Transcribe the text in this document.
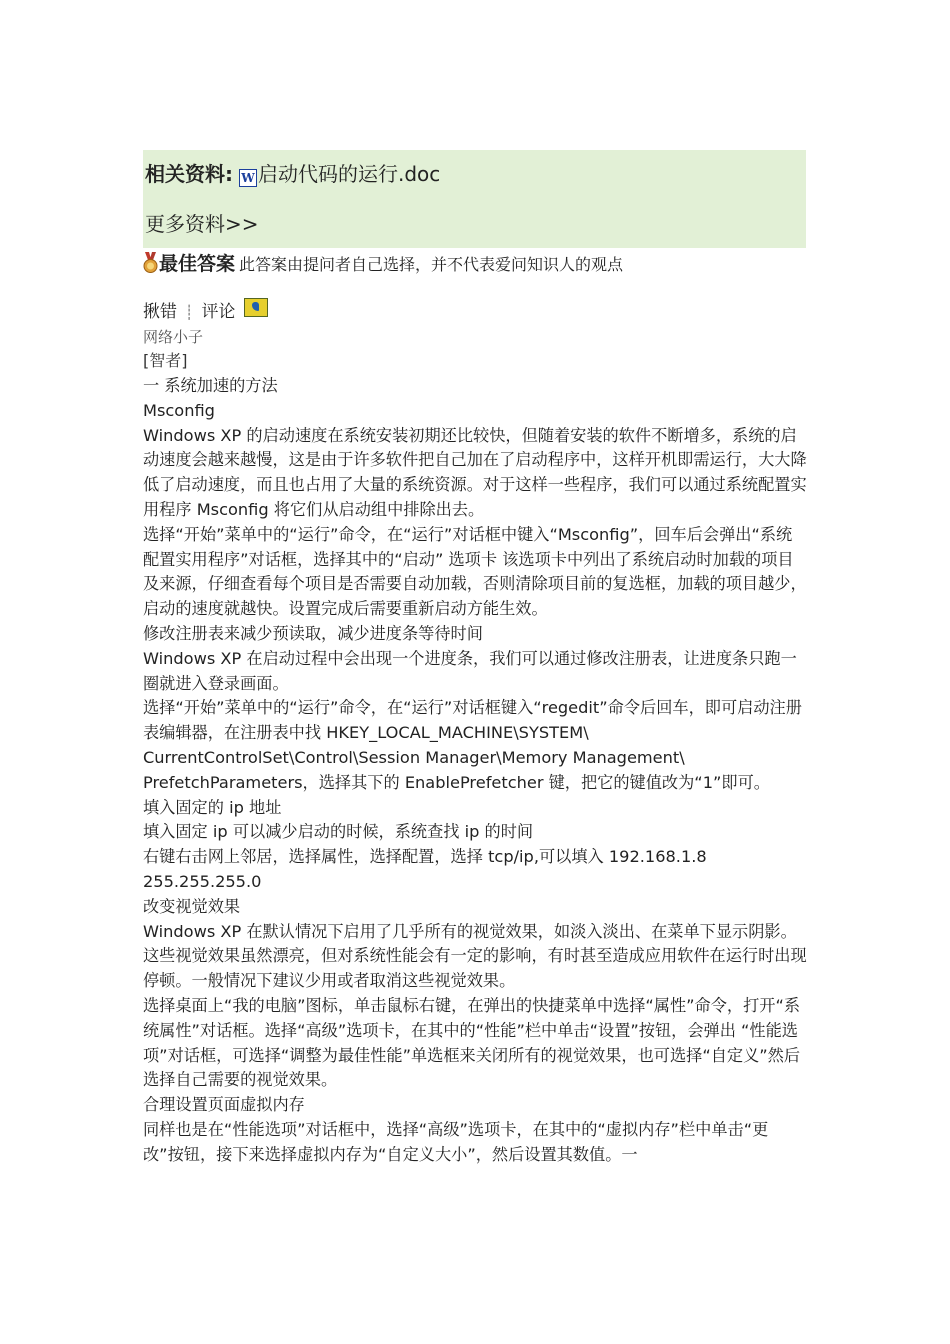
相关资料: W 启动代码的运行.doc
更多资料>>
最佳答案 此答案由提问者自己选择，并不代表爱问知识人的观点
揪错 ┊ 评论
网络小子
[智者]

一 系统加速的方法

Msconfig

Windows XP 的启动速度在系统安装初期还比较快，但随着安装的软件不断增多，系统的启动速度会越来越慢，这是由于许多软件把自己加在了启动程序中，这样开机即需运行，大大降低了启动速度，而且也占用了大量的系统资源。对于这样一些程序，我们可以通过系统配置实用程序 Msconfig 将它们从启动组中排除出去。

选择“开始”菜单中的“运行”命令，在“运行”对话框中键入“Msconfig”，回车后会弹出“系统配置实用程序”对话框，选择其中的“启动” 选项卡 该选项卡中列出了系统启动时加载的项目及来源，仔细查看每个项目是否需要自动加载，否则清除项目前的复选框，加载的项目越少，启动的速度就越快。设置完成后需要重新启动方能生效。

修改注册表来减少预读取，减少进度条等待时间

Windows XP 在启动过程中会出现一个进度条，我们可以通过修改注册表，让进度条只跑一圈就进入登录画面。

选择“开始”菜单中的“运行”命令，在“运行”对话框键入“regedit”命令后回车，即可启动注册表编辑器，在注册表中找 HKEY_LOCAL_MACHINE\SYSTEM\ CurrentControlSet\Control\Session Manager\Memory Management\ PrefetchParameters，选择其下的 EnablePrefetcher 键，把它的键值改为“1”即可。

填入固定的 ip 地址

填入固定 ip 可以减少启动的时候，系统查找 ip 的时间

右键右击网上邻居，选择属性，选择配置，选择 tcp/ip,可以填入 192.168.1.8 255.255.255.0

改变视觉效果

Windows XP 在默认情况下启用了几乎所有的视觉效果，如淡入淡出、在菜单下显示阴影。这些视觉效果虽然漂亮，但对系统性能会有一定的影响，有时甚至造成应用软件在运行时出现停顿。一般情况下建议少用或者取消这些视觉效果。

选择桌面上“我的电脑”图标，单击鼠标右键，在弹出的快捷菜单中选择“属性”命令，打开“系统属性”对话框。选择“高级”选项卡，在其中的“性能”栏中单击“设置”按钮，会弹出 “性能选项”对话框，可选择“调整为最佳性能”单选框来关闭所有的视觉效果，也可选择“自定义”然后选择自己需要的视觉效果。

合理设置页面虚拟内存

同样也是在“性能选项”对话框中，选择“高级”选项卡，在其中的“虚拟内存”栏中单击“更改”按钮，接下来选择虚拟内存为“自定义大小”，然后设置其数值。一
